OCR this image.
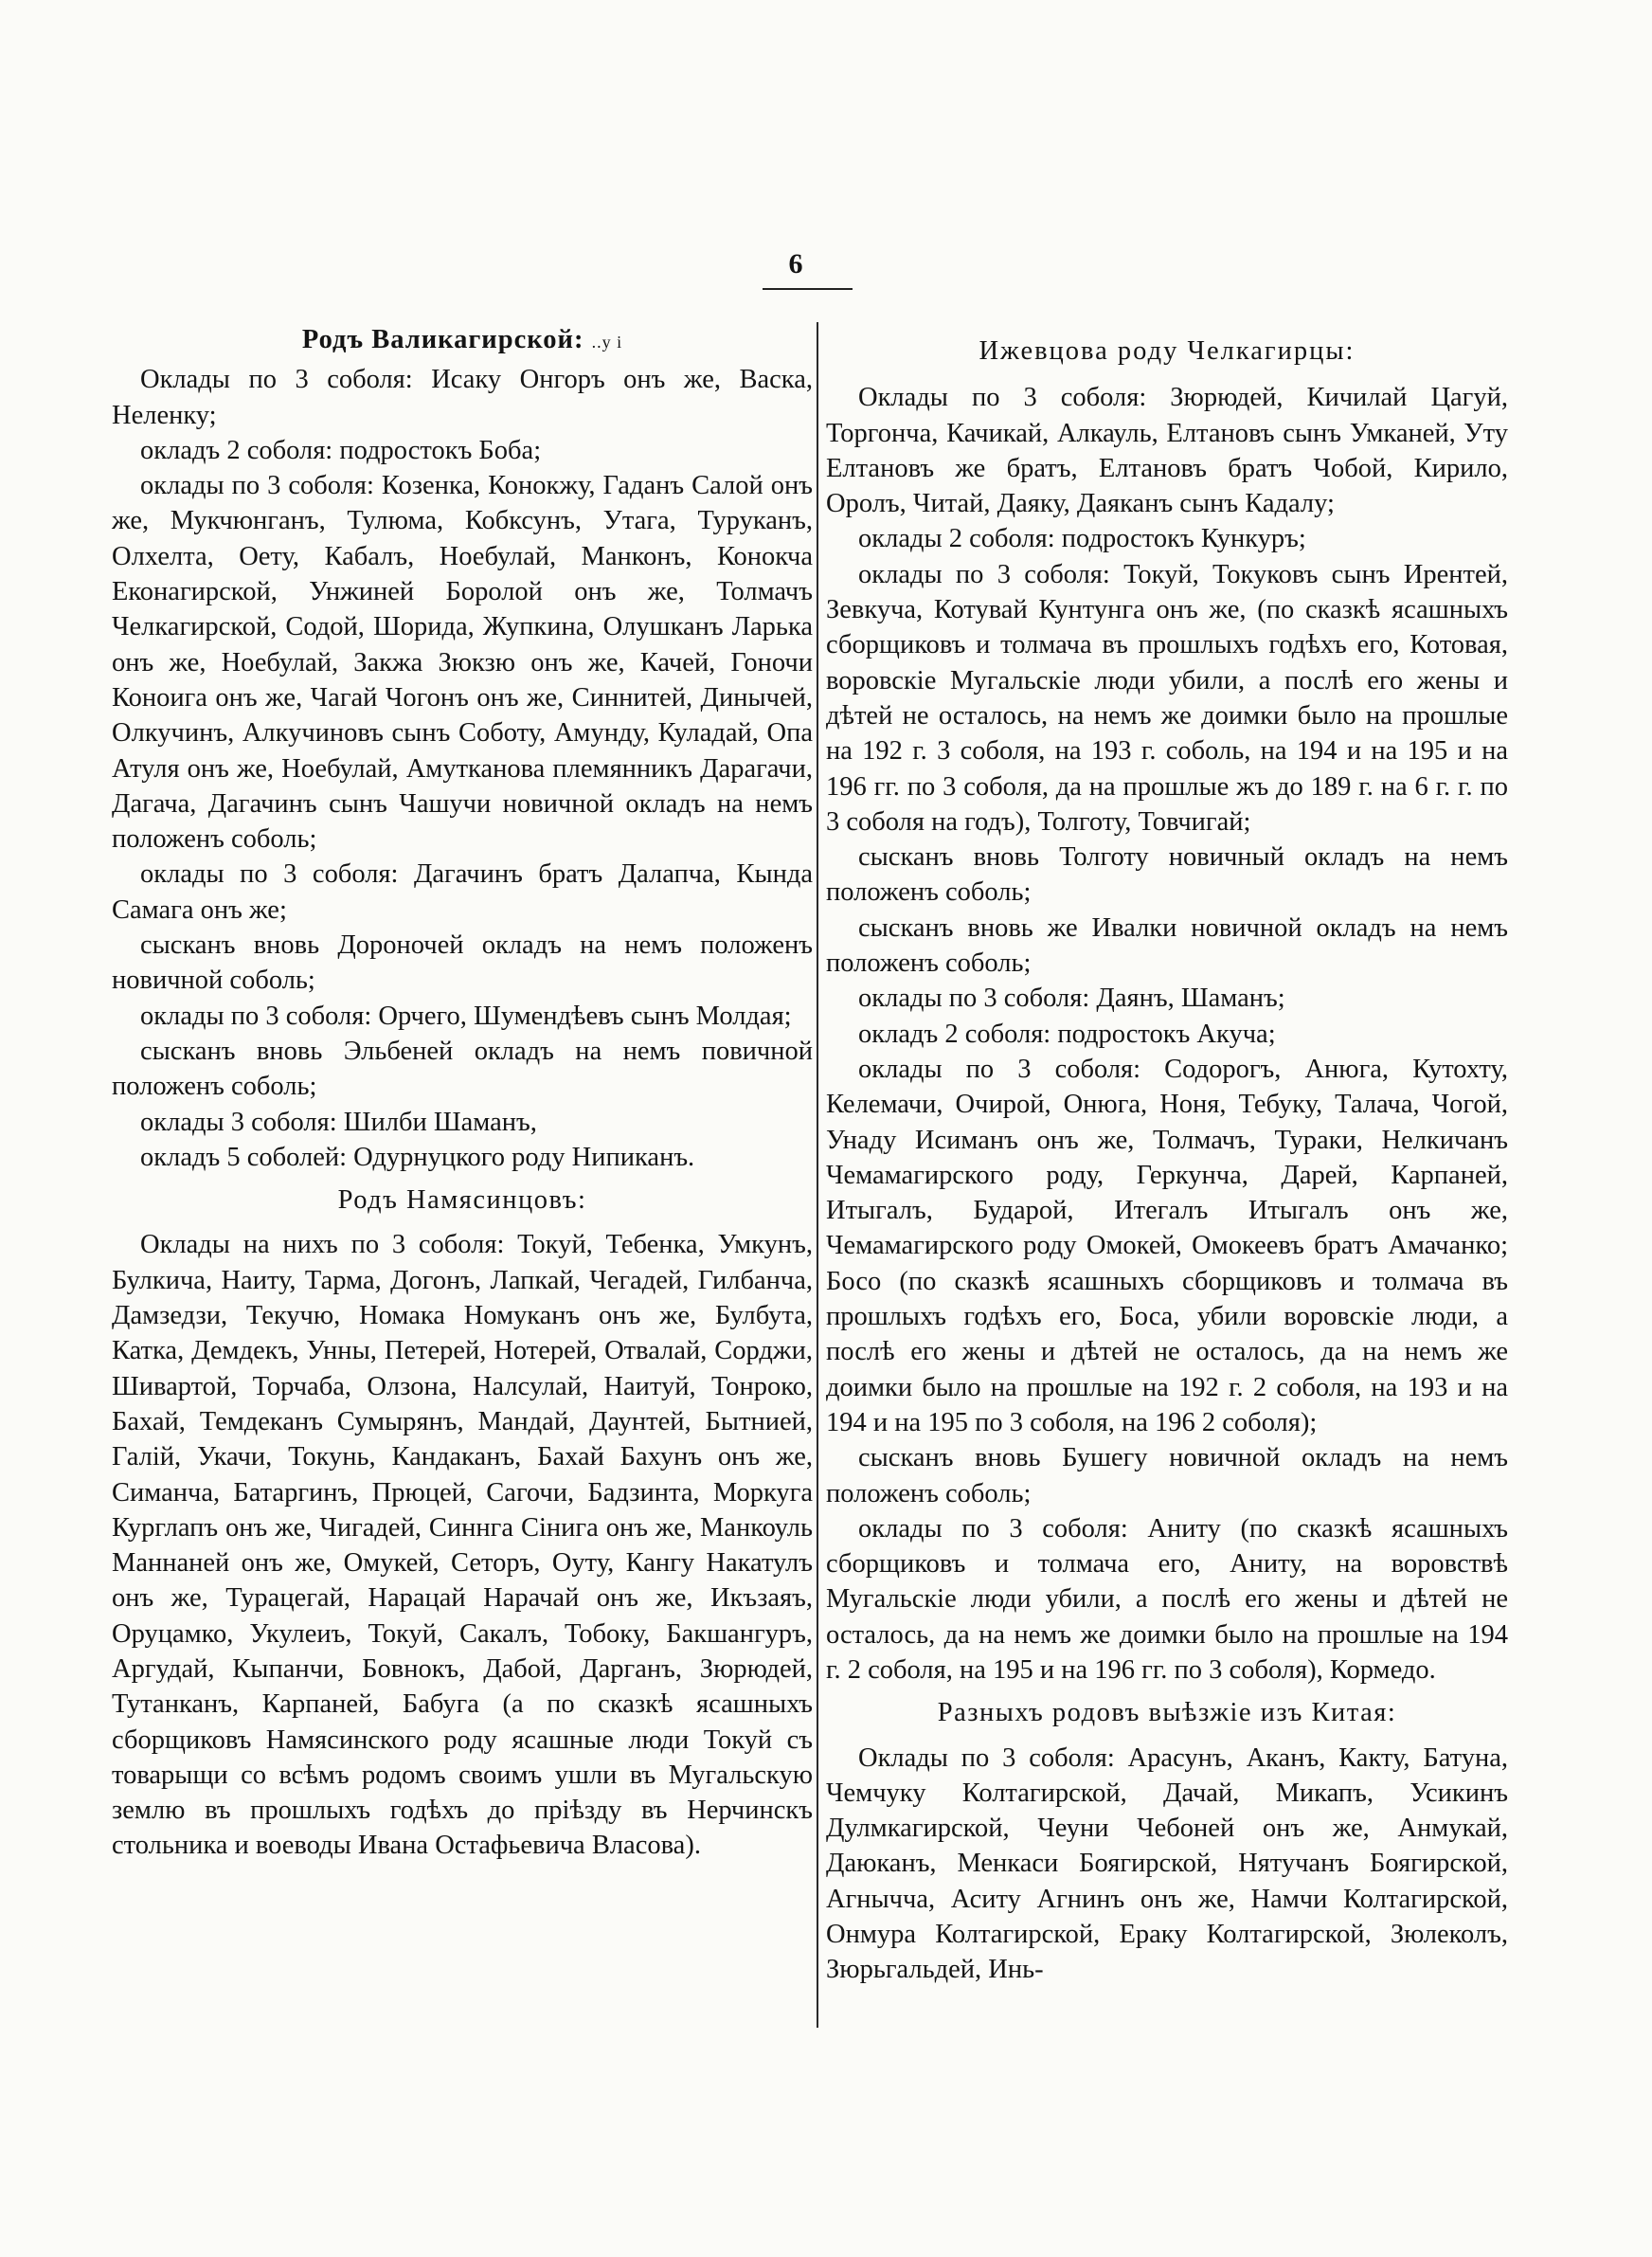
6

Родъ Валикагирской: ..у і

Оклады по 3 соболя: Исаку Онгоръ онъ же, Васка, Неленку;

окладъ 2 соболя: подростокъ Боба;

оклады по 3 соболя: Козенка, Конокжу, Гаданъ Салой онъ же, Мукчюнганъ, Тулюма, Кобксунъ, Утага, Туруканъ, Олхелта, Оету, Кабалъ, Ноебулай, Манконъ, Конокча Еконагирской, Унжиней Боролой онъ же, Толмачъ Челкагирской, Содой, Шорида, Жупкина, Олушканъ Ларька онъ же, Ноебулай, Закжа Зюкзю онъ же, Качей, Гоночи Коноига онъ же, Чагай Чогонъ онъ же, Синнитей, Динычей, Олкучинъ, Алкучиновъ сынъ Соботу, Амунду, Куладай, Опа Атуля онъ же, Ноебулай, Амутканова племянникъ Дарагачи, Дагача, Дагачинъ сынъ Чашучи новичной окладъ на немъ положенъ соболь;

оклады по 3 соболя: Дагачинъ братъ Далапча, Кында Самага онъ же;

сысканъ вновь Дороночей окладъ на немъ положенъ новичной соболь;

оклады по 3 соболя: Орчего, Шумендѣевъ сынъ Молдая;

сысканъ вновь Эльбеней окладъ на немъ повичной положенъ соболь;

оклады 3 соболя: Шилби Шаманъ,

окладъ 5 соболей: Одурнуцкого роду Нипиканъ.

Родъ Намясинцовъ:

Оклады на нихъ по 3 соболя: Токуй, Тебенка, Умкунъ, Булкича, Наиту, Тарма, Догонъ, Лапкай, Чегадей, Гилбанча, Дамзедзи, Текучю, Номака Номуканъ онъ же, Булбута, Катка, Демдекъ, Унны, Петерей, Нотерей, Отвалай, Сорджи, Шивартой, Торчаба, Олзона, Налсулай, Наитуй, Тонроко, Бахай, Темдеканъ Сумырянъ, Мандай, Даунтей, Бытнией, Галій, Укачи, Токунь, Кандаканъ, Бахай Бахунъ онъ же, Симанча, Батаргинъ, Прюцей, Сагочи, Бадзинта, Моркуга Курглапъ онъ же, Чигадей, Синнга Сінига онъ же, Манкоуль Маннаней онъ же, Омукей, Сеторъ, Оуту, Кангу Накатулъ онъ же, Турацегай, Нарацай Нарачай онъ же, Икъзаяъ, Оруцамко, Укулеиъ, Токуй, Сакалъ, Тобоку, Бакшангуръ, Аргудай, Кыпанчи, Бовнокъ, Дабой, Дарганъ, Зюрюдей, Тутанканъ, Карпаней, Бабуга (а по сказкѣ ясашныхъ сборщиковъ Намясинского роду ясашные люди Токуй съ товарыщи со всѣмъ родомъ своимъ ушли въ Мугальскую землю въ прошлыхъ годѣхъ до пріѣзду въ Нерчинскъ стольника и воеводы Ивана Остафьевича Власова).

Ижевцова роду Челкагирцы:

Оклады по 3 соболя: Зюрюдей, Кичилай Цагуй, Торгонча, Качикай, Алкауль, Елтановъ сынъ Умканей, Уту Елтановъ же братъ, Елтановъ братъ Чобой, Кирило, Оролъ, Читай, Даяку, Даяканъ сынъ Кадалу;

оклады 2 соболя: подростокъ Кункуръ;

оклады по 3 соболя: Токуй, Токуковъ сынъ Ирентей, Зевкуча, Котувай Кунтунга онъ же, (по сказкѣ ясашныхъ сборщиковъ и толмача въ прошлыхъ годѣхъ его, Котовая, воровскіе Мугальскіе люди убили, а послѣ его жены и дѣтей не осталось, на немъ же доимки было на прошлые на 192 г. 3 соболя, на 193 г. соболь, на 194 и на 195 и на 196 гг. по 3 соболя, да на прошлые жъ до 189 г. на 6 г. г. по 3 соболя на годъ), Толготу, Товчигай;

сысканъ вновь Толготу новичный окладъ на немъ положенъ соболь;

сысканъ вновь же Ивалки новичной окладъ на немъ положенъ соболь;

оклады по 3 соболя: Даянъ, Шаманъ;

окладъ 2 соболя: подростокъ Акуча;

оклады по 3 соболя: Содорогъ, Анюга, Кутохту, Келемачи, Очирой, Онюга, Ноня, Тебуку, Талача, Чогой, Унаду Исиманъ онъ же, Толмачъ, Тураки, Нелкичанъ Чемамагирского роду, Геркунча, Дарей, Карпаней, Итыгалъ, Бударой, Итегалъ Итыгалъ онъ же, Чемамагирского роду Омокей, Омокеевъ братъ Амачанко; Босо (по сказкѣ ясашныхъ сборщиковъ и толмача въ прошлыхъ годѣхъ его, Боса, убили воровскіе люди, а послѣ его жены и дѣтей не осталось, да на немъ же доимки было на прошлые на 192 г. 2 соболя, на 193 и на 194 и на 195 по 3 соболя, на 196 2 соболя);

сысканъ вновь Бушегу новичной окладъ на немъ положенъ соболь;

оклады по 3 соболя: Аниту (по сказкѣ ясашныхъ сборщиковъ и толмача его, Аниту, на воровствѣ Мугальскіе люди убили, а послѣ его жены и дѣтей не осталось, да на немъ же доимки было на прошлые на 194 г. 2 соболя, на 195 и на 196 гг. по 3 соболя), Кормедо.

Разныхъ родовъ выѣзжіе изъ Китая:

Оклады по 3 соболя: Арасунъ, Аканъ, Какту, Батуна, Чемчуку Колтагирской, Дачай, Микапъ, Усикинъ Дулмкагирской, Чеуни Чебоней онъ же, Анмукай, Даюканъ, Менкаси Боягирской, Нятучанъ Боягирской, Агнычча, Аситу Агнинъ онъ же, Намчи Колтагирской, Онмура Колтагирской, Ераку Колтагирской, Зюлеколъ, Зюрьгальдей, Инь-
